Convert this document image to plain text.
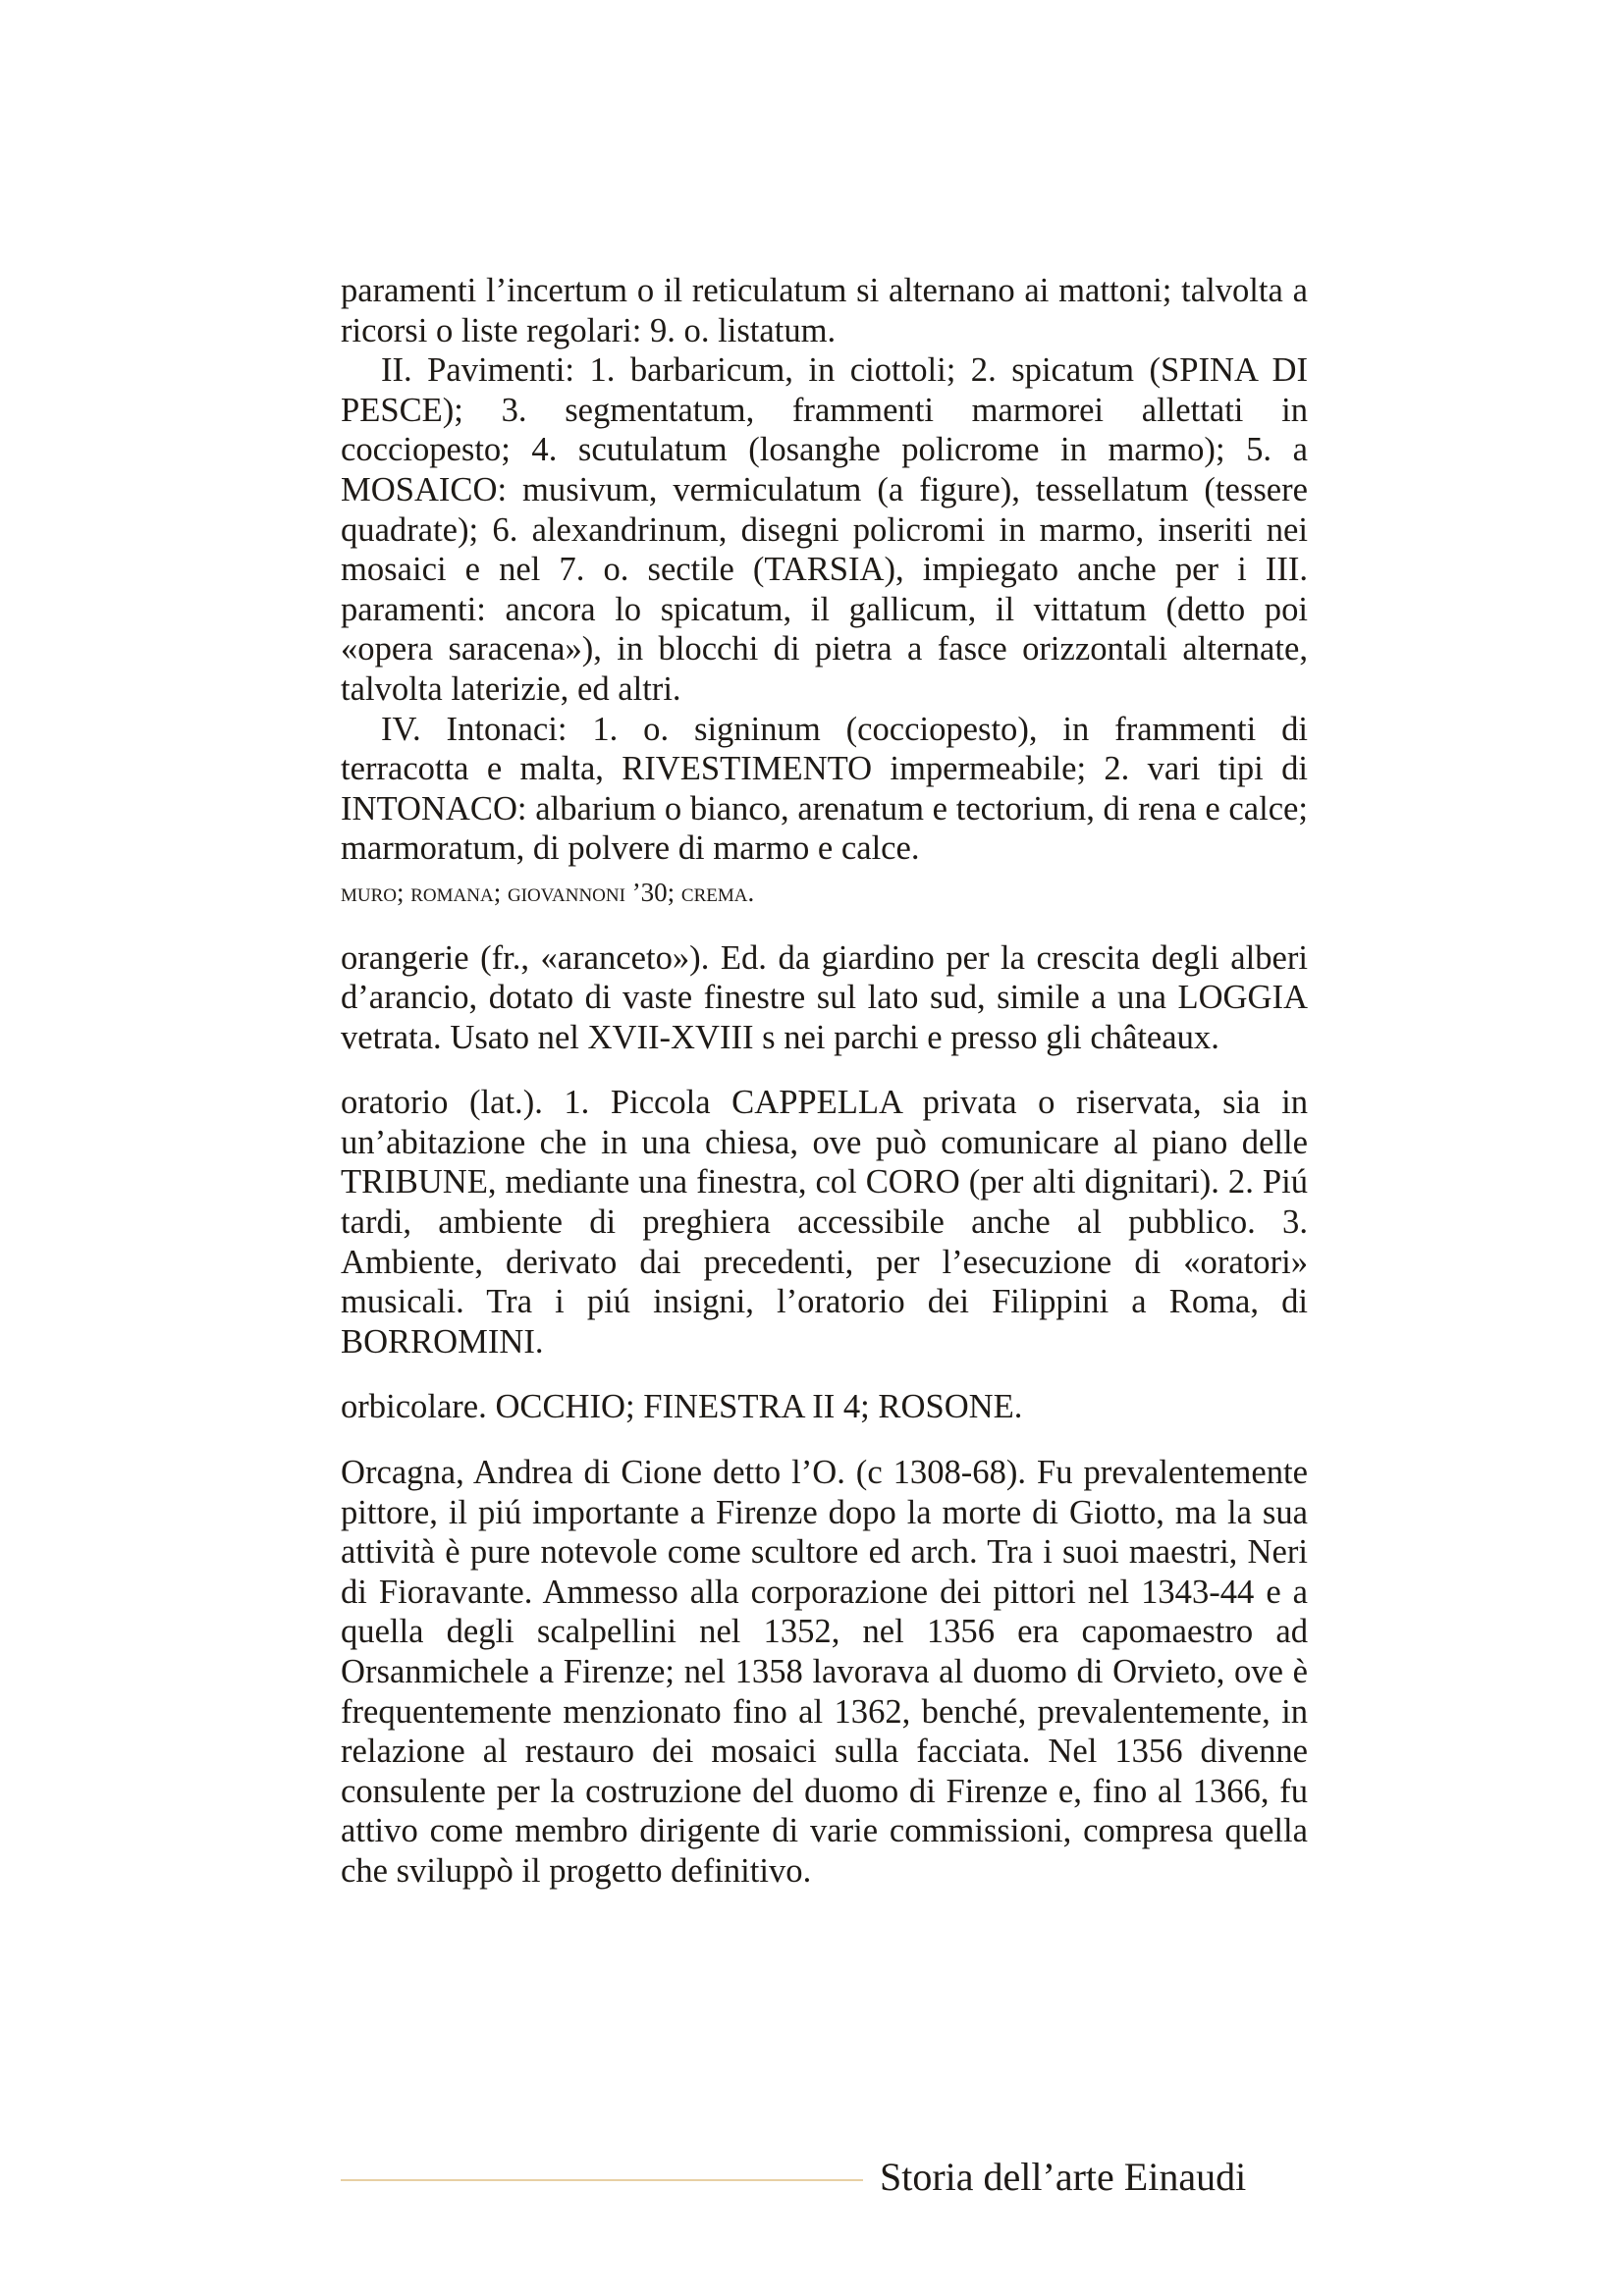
paramenti l’incertum o il reticulatum si alternano ai mattoni; talvolta a ricorsi o liste regolari: 9. o. listatum.

II. Pavimenti: 1. barbaricum, in ciottoli; 2. spicatum (SPINA DI PESCE); 3. segmentatum, frammenti marmorei allettati in cocciopesto; 4. scutulatum (losanghe policrome in marmo); 5. a MOSAICO: musivum, vermiculatum (a figure), tessellatum (tessere quadrate); 6. alexandrinum, disegni policromi in marmo, inseriti nei mosaici e nel 7. o. sectile (TARSIA), impiegato anche per i III. paramenti: ancora lo spicatum, il gallicum, il vittatum (detto poi «opera saracena»), in blocchi di pietra a fasce orizzontali alternate, talvolta laterizie, ed altri.

IV. Intonaci: 1. o. signinum (cocciopesto), in frammenti di terracotta e malta, RIVESTIMENTO impermeabile; 2. vari tipi di INTONACO: albarium o bianco, arenatum e tectorium, di rena e calce; marmoratum, di polvere di marmo e calce.

muro; romana; giovannoni ’30; crema.

orangerie (fr., «aranceto»). Ed. da giardino per la crescita degli alberi d’arancio, dotato di vaste finestre sul lato sud, simile a una LOGGIA vetrata. Usato nel XVII-XVIII s nei parchi e presso gli châteaux.

oratorio (lat.). 1. Piccola CAPPELLA privata o riservata, sia in un’abitazione che in una chiesa, ove può comunicare al piano delle TRIBUNE, mediante una finestra, col CORO (per alti dignitari). 2. Piú tardi, ambiente di preghiera accessibile anche al pubblico. 3. Ambiente, derivato dai precedenti, per l’esecuzione di «oratori» musicali. Tra i piú insigni, l’oratorio dei Filippini a Roma, di BORROMINI.

orbicolare. OCCHIO; FINESTRA II 4; ROSONE.

Orcagna, Andrea di Cione detto l’O. (c 1308-68). Fu prevalentemente pittore, il piú importante a Firenze dopo la morte di Giotto, ma la sua attività è pure notevole come scultore ed arch. Tra i suoi maestri, Neri di Fioravante. Ammesso alla corporazione dei pittori nel 1343-44 e a quella degli scalpellini nel 1352, nel 1356 era capomaestro ad Orsanmichele a Firenze; nel 1358 lavorava al duomo di Orvieto, ove è frequentemente menzionato fino al 1362, benché, prevalentemente, in relazione al restauro dei mosaici sulla facciata. Nel 1356 divenne consulente per la costruzione del duomo di Firenze e, fino al 1366, fu attivo come membro dirigente di varie commissioni, compresa quella che sviluppò il progetto definitivo.

Storia dell’arte Einaudi
